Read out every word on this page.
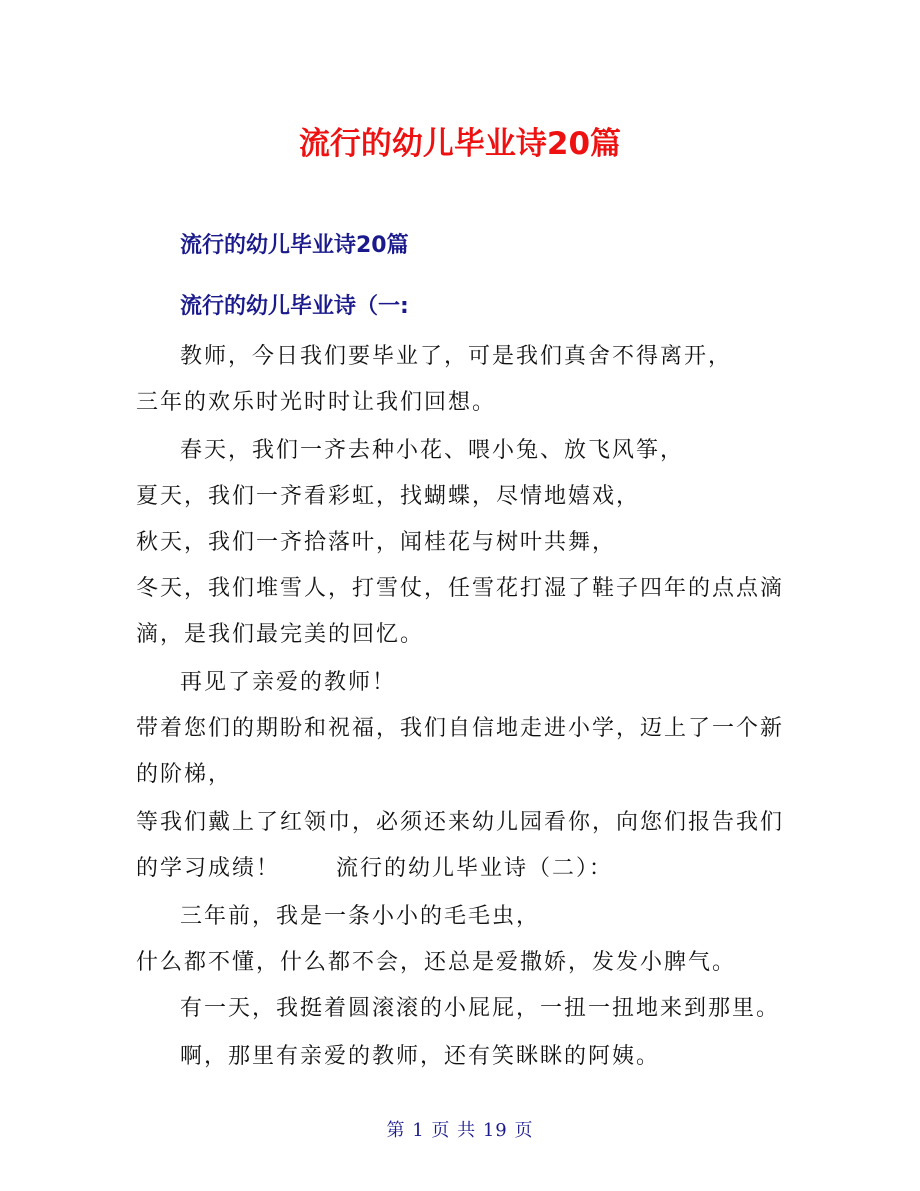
流行的幼儿毕业诗20篇
流行的幼儿毕业诗20篇
流行的幼儿毕业诗（一:
教师，今日我们要毕业了，可是我们真舍不得离开，
三年的欢乐时光时时让我们回想。
春天，我们一齐去种小花、喂小兔、放飞风筝，
夏天，我们一齐看彩虹，找蝴蝶，尽情地嬉戏，
秋天，我们一齐拾落叶，闻桂花与树叶共舞，
冬天，我们堆雪人，打雪仗，任雪花打湿了鞋子四年的点点滴
滴，是我们最完美的回忆。
再见了亲爱的教师！
带着您们的期盼和祝福，我们自信地走进小学，迈上了一个新
的阶梯，
等我们戴上了红领巾，必须还来幼儿园看你，向您们报告我们
的学习成绩！	流行的幼儿毕业诗（二）：
三年前，我是一条小小的毛毛虫，
什么都不懂，什么都不会，还总是爱撒娇，发发小脾气。
有一天，我挺着圆滚滚的小屁屁，一扭一扭地来到那里。
啊，那里有亲爱的教师，还有笑眯眯的阿姨。
第 1 页 共 19 页
